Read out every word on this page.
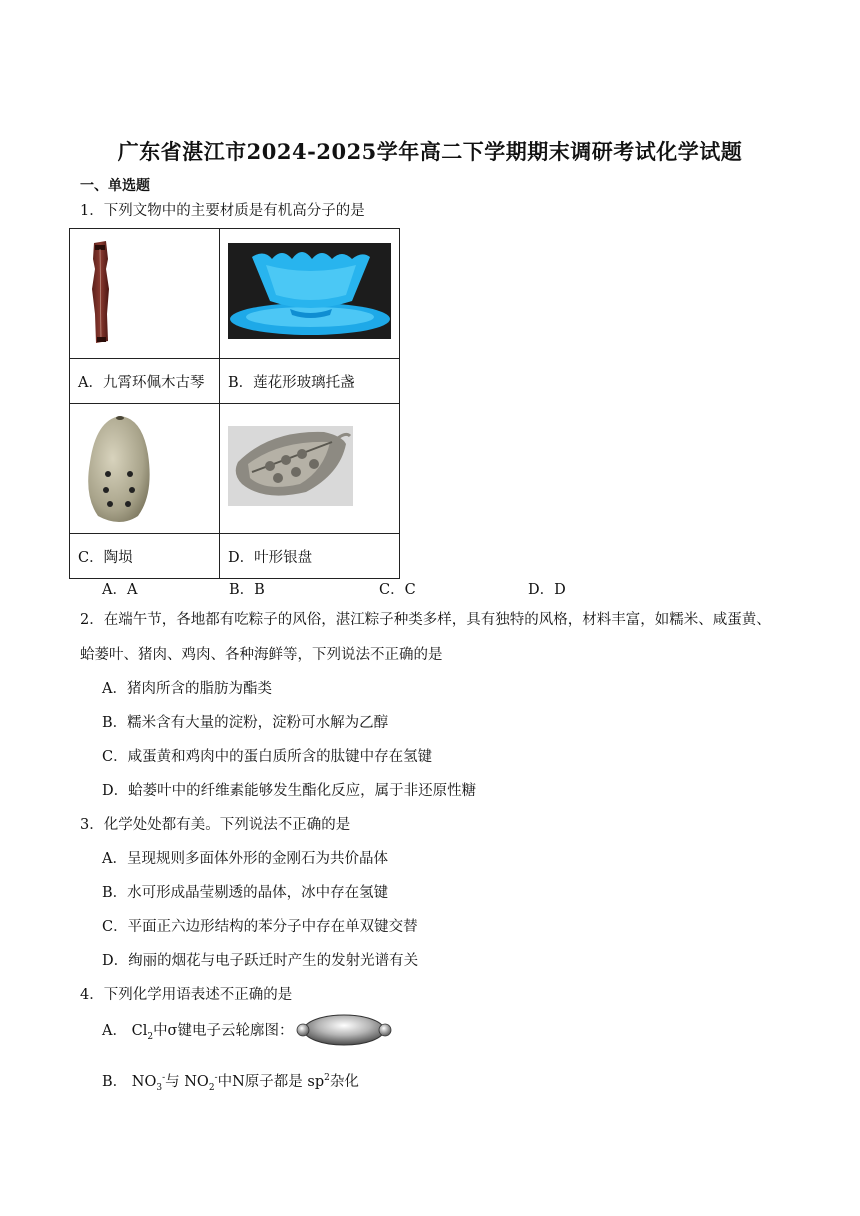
广东省湛江市2024-2025学年高二下学期期末调研考试化学试题
一、单选题
1．下列文物中的主要材质是有机高分子的是

A．九霄环佩木古琴	B．莲花形玻璃托盏

C．陶埙	D．叶形银盘
A．A	B．B	C．C	D．D
2．在端午节，各地都有吃粽子的风俗，湛江粽子种类多样，具有独特的风格，材料丰富，如糯米、咸蛋黄、
蛤蒌叶、猪肉、鸡肉、各种海鲜等，下列说法不正确的是
A．猪肉所含的脂肪为酯类
B．糯米含有大量的淀粉，淀粉可水解为乙醇
C．咸蛋黄和鸡肉中的蛋白质所含的肽键中存在氢键
D．蛤蒌叶中的纤维素能够发生酯化反应，属于非还原性糖
3．化学处处都有美。下列说法不正确的是
A．呈现规则多面体外形的金刚石为共价晶体
B．水可形成晶莹剔透的晶体，冰中存在氢键
C．平面正六边形结构的苯分子中存在单双键交替
D．绚丽的烟花与电子跃迁时产生的发射光谱有关
4．下列化学用语表述不正确的是
A． $Cl_2$中σ键电子云轮廓图：
B． $NO_3^-$与 $NO_2^-$中N原子都是 $sp^2$杂化
